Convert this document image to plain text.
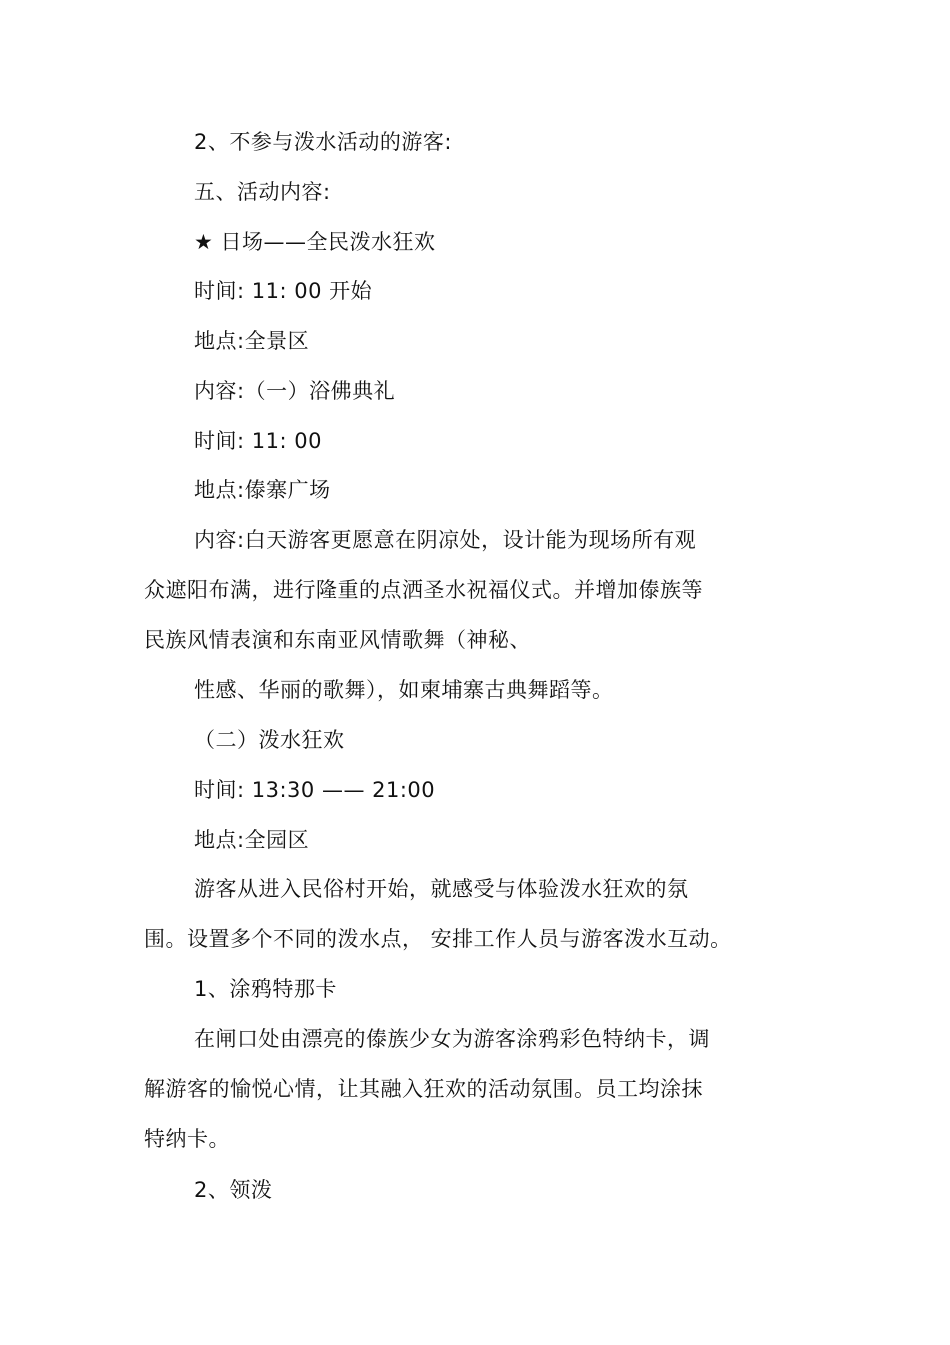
2、不参与泼水活动的游客:
五、活动内容:
★ 日场——全民泼水狂欢
时间: 11: 00 开始
地点:全景区
内容:（一）浴佛典礼
时间: 11: 00
地点:傣寨广场
内容:白天游客更愿意在阴凉处，设计能为现场所有观
众遮阳布满，进行隆重的点洒圣水祝福仪式。并增加傣族等
民族风情表演和东南亚风情歌舞（神秘、
性感、华丽的歌舞），如柬埔寨古典舞蹈等。
（二）泼水狂欢
时间: 13:30 —— 21:00
地点:全园区
游客从进入民俗村开始，就感受与体验泼水狂欢的氛
围。设置多个不同的泼水点， 安排工作人员与游客泼水互动。
1、涂鸦特那卡
在闸口处由漂亮的傣族少女为游客涂鸦彩色特纳卡，调
解游客的愉悦心情，让其融入狂欢的活动氛围。员工均涂抹
特纳卡。
2、领泼
